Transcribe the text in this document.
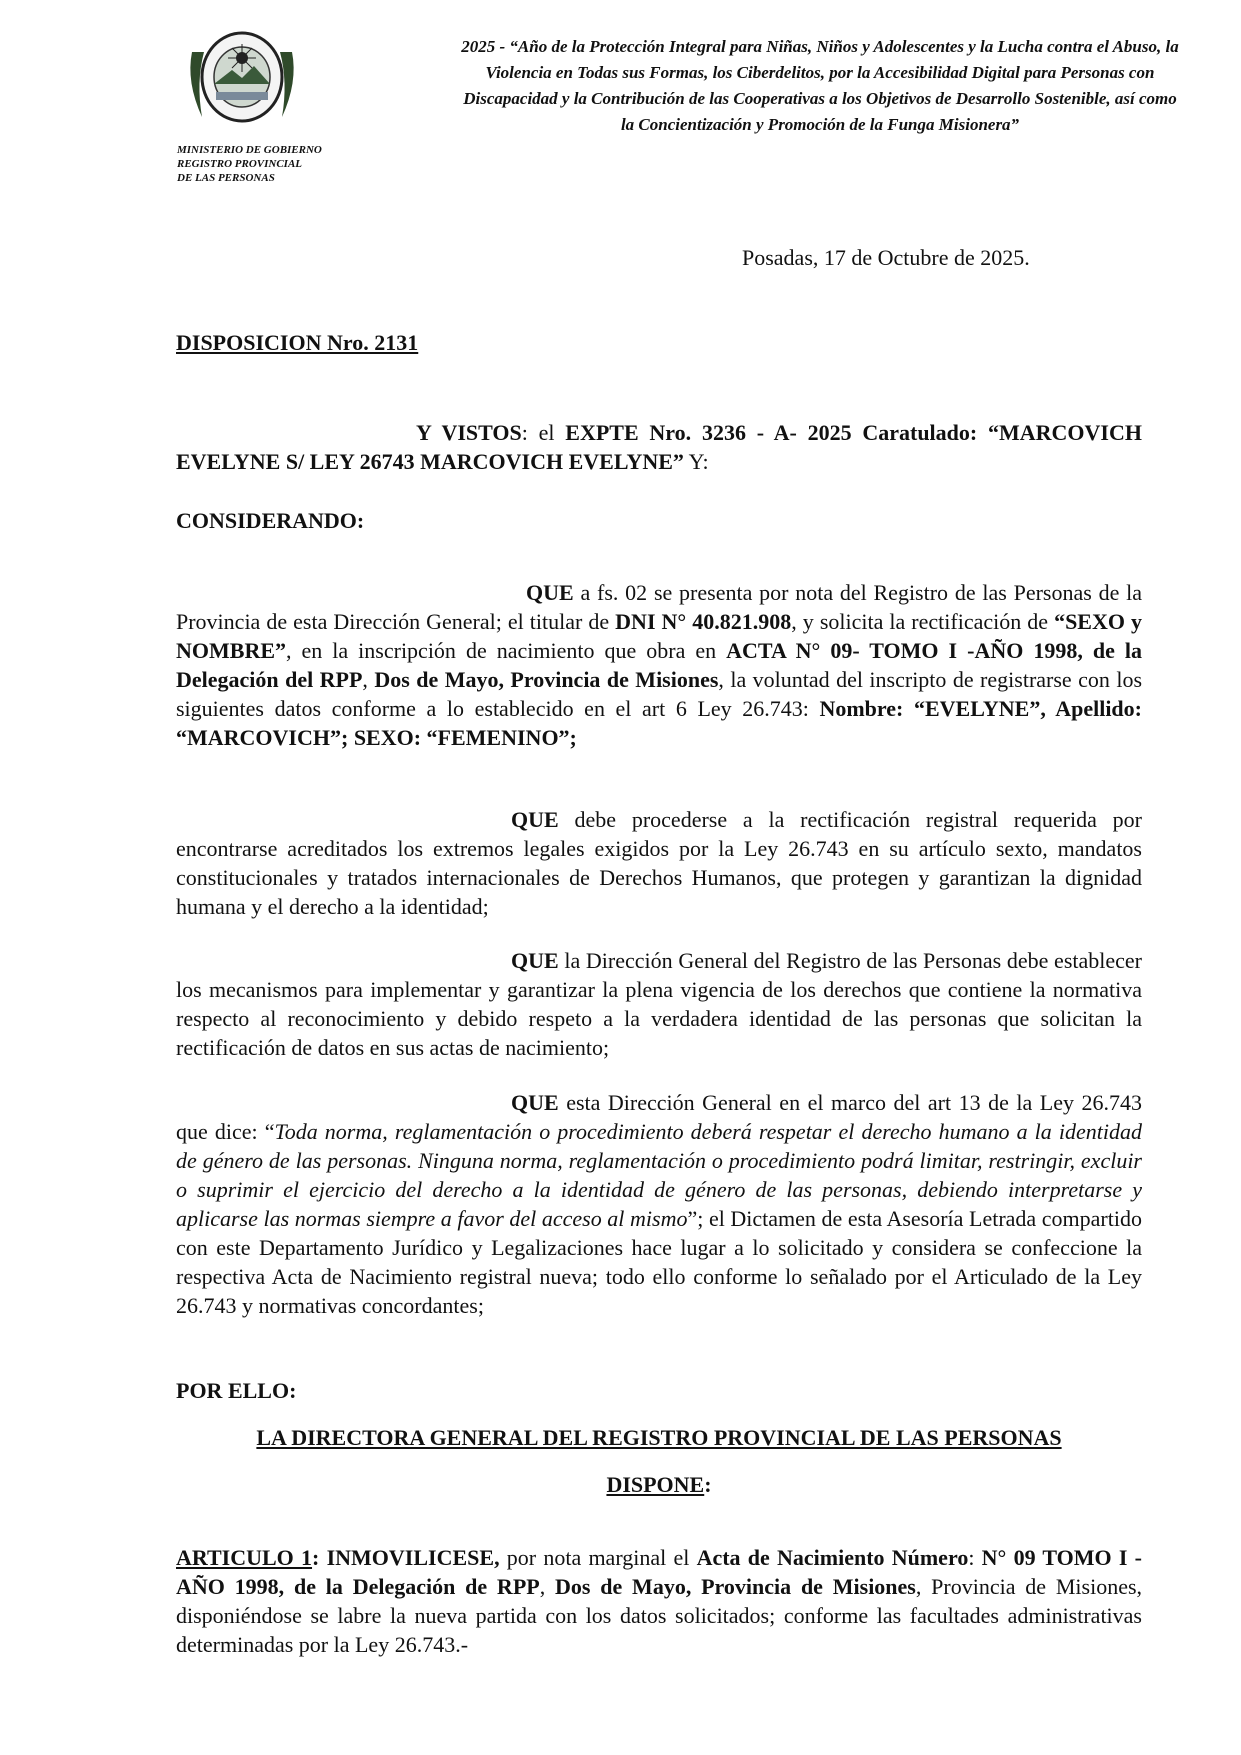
MINISTERIO DE GOBIERNO
REGISTRO PROVINCIAL
DE LAS PERSONAS
2025 - “Año de la Protección Integral para Niñas, Niños y Adolescentes y la Lucha contra el Abuso, la Violencia en Todas sus Formas, los Ciberdelitos, por la Accesibilidad Digital para Personas con Discapacidad y la Contribución de las Cooperativas a los Objetivos de Desarrollo Sostenible, así como la Concientización y Promoción de la Funga Misionera”
Posadas, 17 de Octubre de 2025.
DISPOSICION Nro. 2131
Y VISTOS: el EXPTE Nro. 3236 - A- 2025 Caratulado: “MARCOVICH EVELYNE S/ LEY 26743 MARCOVICH EVELYNE” Y:
CONSIDERANDO:
QUE a fs. 02 se presenta por nota del Registro de las Personas de la Provincia de esta Dirección General; el titular de DNI N° 40.821.908, y solicita la rectificación de “SEXO y NOMBRE”, en la inscripción de nacimiento que obra en ACTA N° 09- TOMO I -AÑO 1998, de la Delegación del RPP, Dos de Mayo, Provincia de Misiones, la voluntad del inscripto de registrarse con los siguientes datos conforme a lo establecido en el art 6 Ley 26.743: Nombre: “EVELYNE”, Apellido: “MARCOVICH”; SEXO: “FEMENINO”;
QUE debe procederse a la rectificación registral requerida por encontrarse acreditados los extremos legales exigidos por la Ley 26.743 en su artículo sexto, mandatos constitucionales y tratados internacionales de Derechos Humanos, que protegen y garantizan la dignidad humana y el derecho a la identidad;
QUE la Dirección General del Registro de las Personas debe establecer los mecanismos para implementar y garantizar la plena vigencia de los derechos que contiene la normativa respecto al reconocimiento y debido respeto a la verdadera identidad de las personas que solicitan la rectificación de datos en sus actas de nacimiento;
QUE esta Dirección General en el marco del art 13 de la Ley 26.743 que dice: “Toda norma, reglamentación o procedimiento deberá respetar el derecho humano a la identidad de género de las personas. Ninguna norma, reglamentación o procedimiento podrá limitar, restringir, excluir o suprimir el ejercicio del derecho a la identidad de género de las personas, debiendo interpretarse y aplicarse las normas siempre a favor del acceso al mismo”; el Dictamen de esta Asesoría Letrada compartido con este Departamento Jurídico y Legalizaciones hace lugar a lo solicitado y considera se confeccione la respectiva Acta de Nacimiento registral nueva; todo ello conforme lo señalado por el Articulado de la Ley 26.743 y normativas concordantes;
POR ELLO:
LA DIRECTORA GENERAL DEL REGISTRO PROVINCIAL DE LAS PERSONAS
DISPONE:
ARTICULO 1: INMOVILICESE, por nota marginal el Acta de Nacimiento Número: N° 09 TOMO I -AÑO 1998, de la Delegación de RPP, Dos de Mayo, Provincia de Misiones, Provincia de Misiones, disponiéndose se labre la nueva partida con los datos solicitados; conforme las facultades administrativas determinadas por la Ley 26.743.-
